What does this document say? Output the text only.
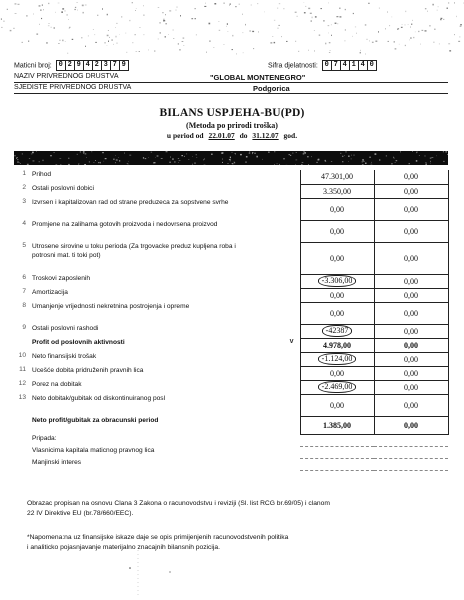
Maticni broj: 0 2 9 4 2 3 7 9	Sifra djelatnosti: 0 7 4 1 4 0
NAZIV PRIVREDNOG DRUSTVA	"GLOBAL MONTENEGRO"
SJEDISTE PRIVREDNOG DRUSTVA	Podgorica
BILANS USPJEHA-BU(PD)
(Metoda po prirodi troška)
u period od 22.01.07 do 31.12.07 god.
1	Prihod		47.301,00	0,00
2	Ostali poslovni dobici		3.350,00	0,00
3	Izvrsen i kapitalizovan rad od strane preduzeca za sopstvene svrhe		0,00	0,00
4	Promjene na zalihama gotovih proizvoda i nedovrsena proizvod		0,00	0,00
5	Utrosene sirovine u toku perioda (Za trgovacke preduz kupljena roba i potrosni mat. ti toki pot)		0,00	0,00
6	Troskovi zaposlenih		-3.306,00	0,00
7	Amortizacija		0,00	0,00
8	Umanjenje vrijednosti nekretnina postrojenja i opreme		0,00	0,00
9	Ostali poslovni rashodi		-42387	0,00
	Profit od poslovnih aktivnosti	v	4.978,00	0,00
10	Neto finansijski trošak		-1.124,00	0,00
11	Ucešće dobita pridruženih pravnih lica		0,00	0,00
12	Porez na dobitak		-2.469,00	0,00
13	Neto dobitak/gubitak od diskontinuiranog posl		0,00	0,00
	Neto profit/gubitak za obracunski period		1.385,00	0,00
	Pripada:	

	Vlasnicima kapitala maticnog pravnog lica	

	Manjinski interes	

Obrazac propisan na osnovu Clana 3 Zakona o racunovodstvu i reviziji (Sl. list RCG br.69/05) i clanom
22 IV Direktive EU (br.78/660/EEC).
*Napomena:na uz finansijske iskaze daje se opis primijenjenih racunovodstvenih politika
i analiticko pojasnjavanje materijalno znacajnih bilansnih pozicija.
